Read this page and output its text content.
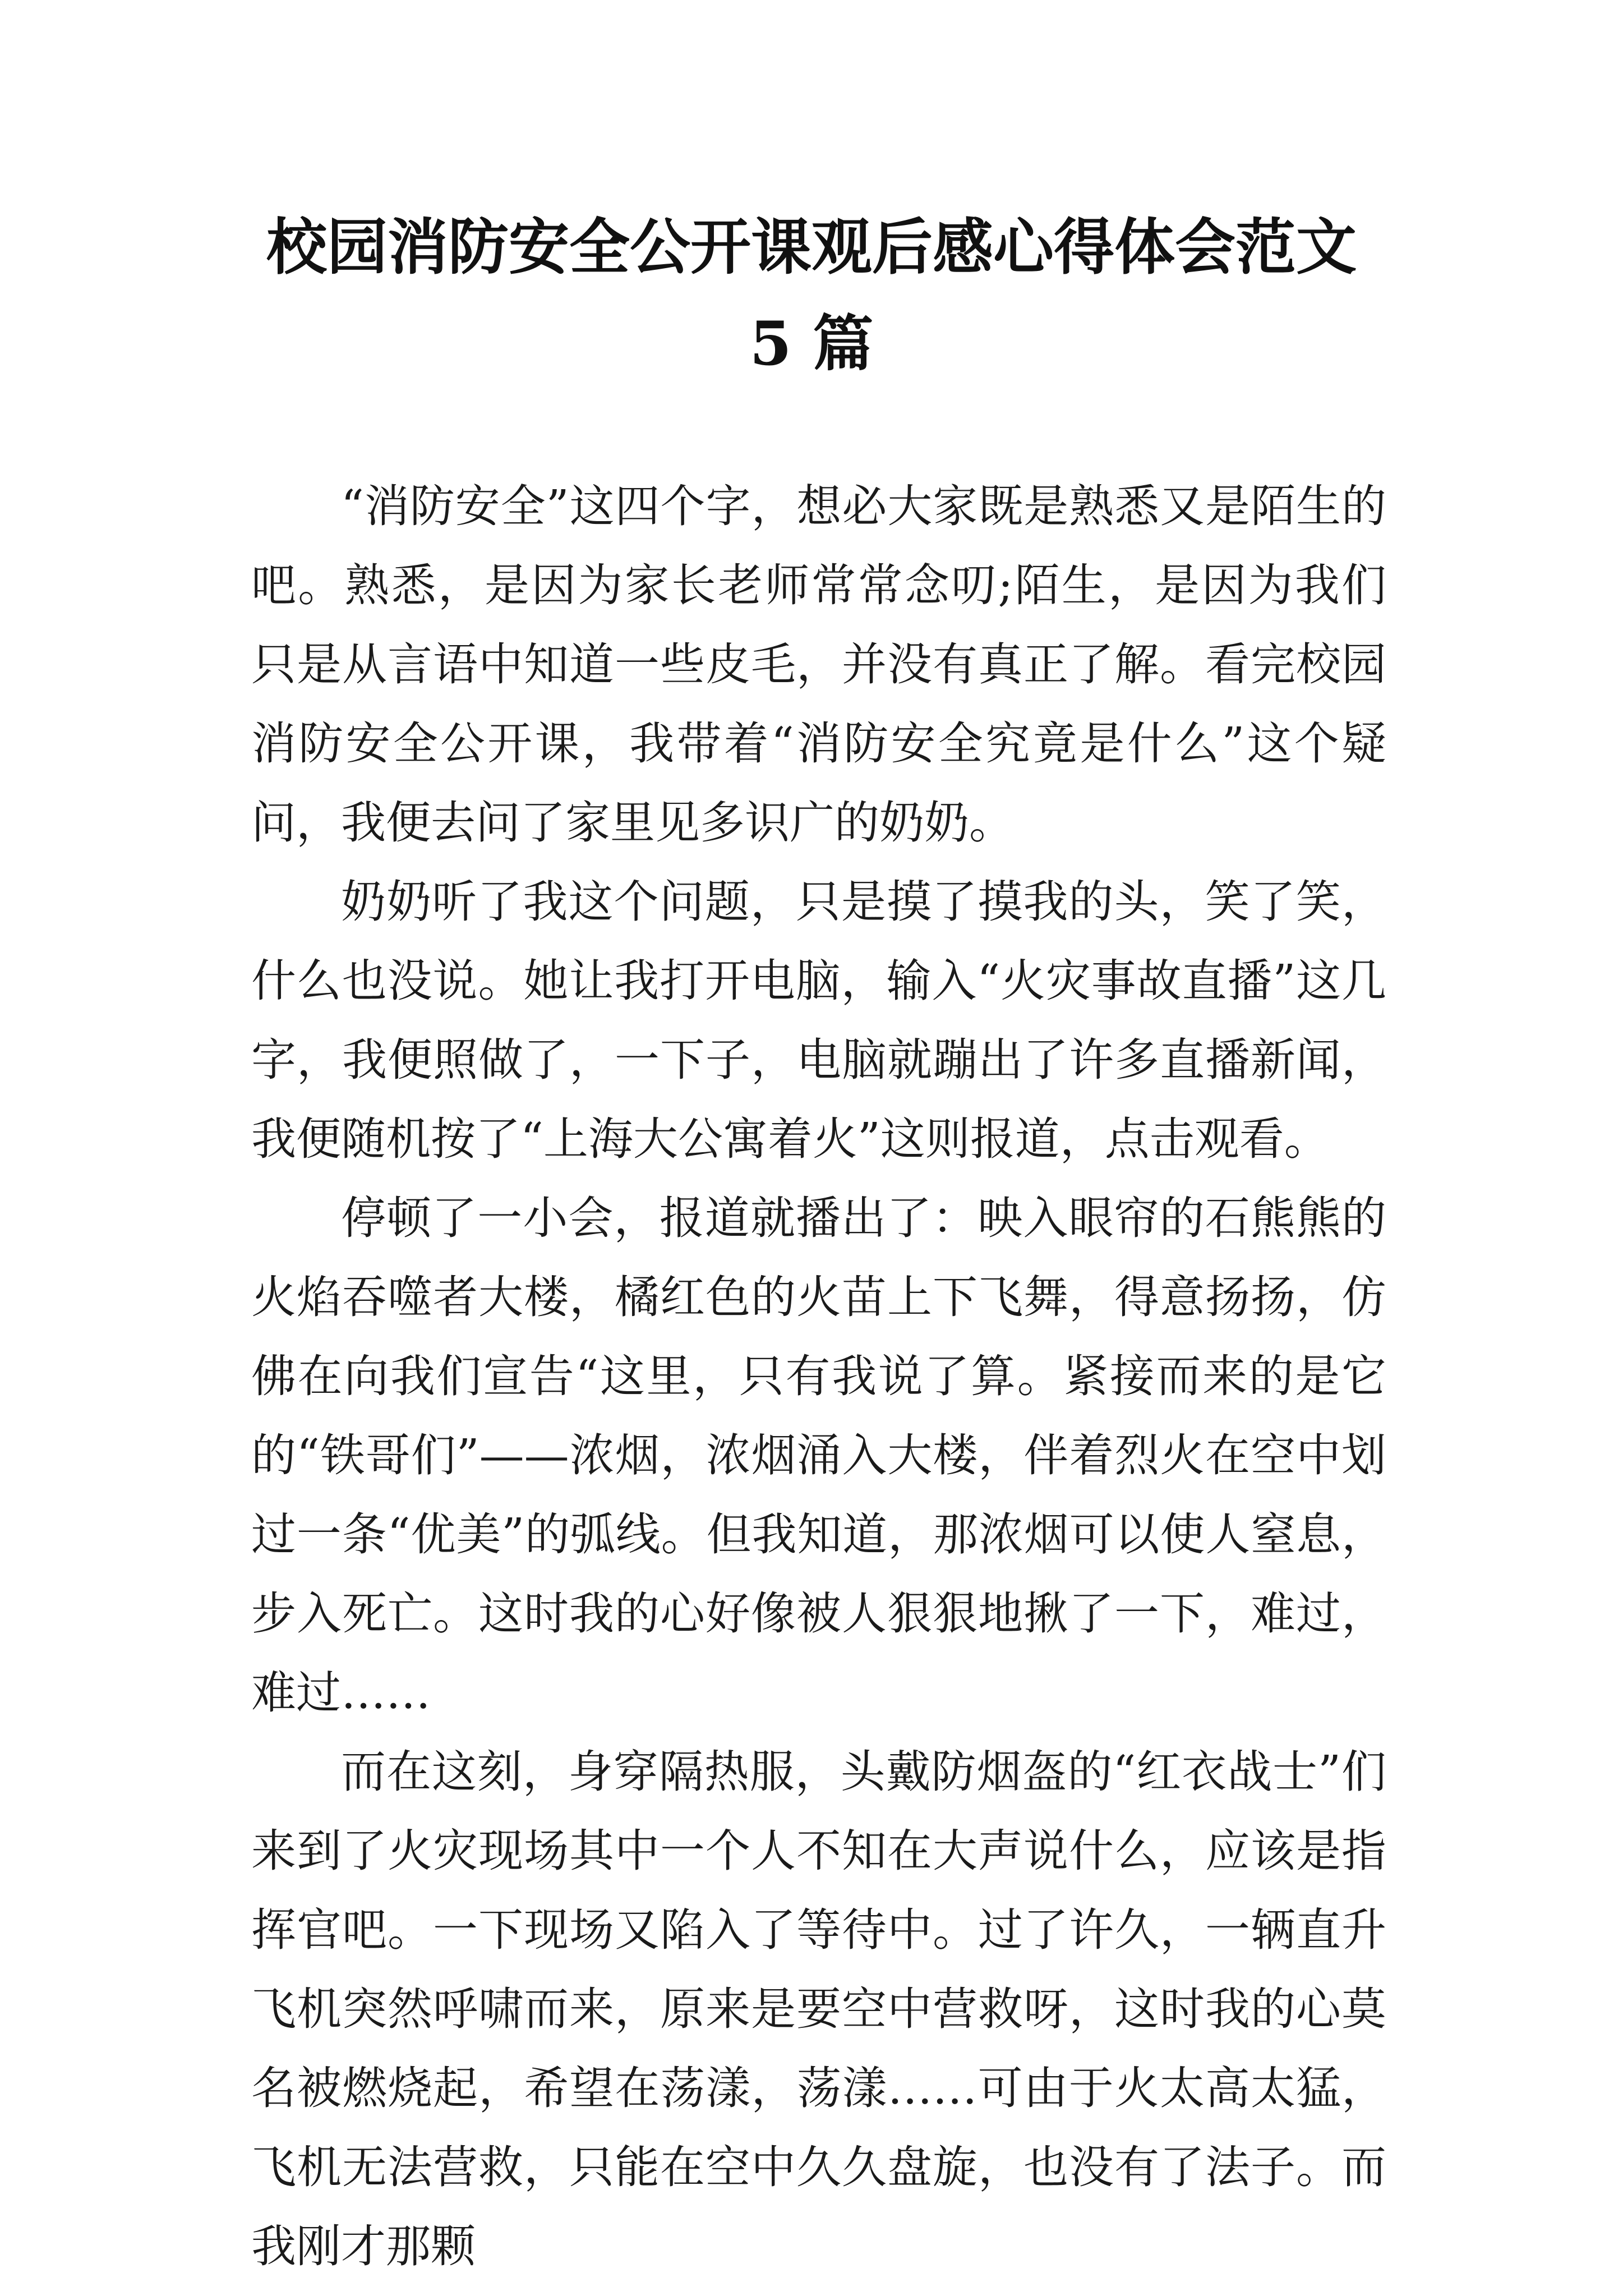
校园消防安全公开课观后感心得体会范文
5 篇

“消防安全”这四个字，想必大家既是熟悉又是陌生的吧。熟悉，是因为家长老师常常念叨;陌生，是因为我们只是从言语中知道一些皮毛，并没有真正了解。看完校园消防安全公开课，我带着“消防安全究竟是什么”这个疑问，我便去问了家里见多识广的奶奶。

奶奶听了我这个问题，只是摸了摸我的头，笑了笑，什么也没说。她让我打开电脑，输入“火灾事故直播”这几字，我便照做了，一下子，电脑就蹦出了许多直播新闻，我便随机按了“上海大公寓着火”这则报道，点击观看。

停顿了一小会，报道就播出了：映入眼帘的石熊熊的火焰吞噬者大楼，橘红色的火苗上下飞舞，得意扬扬，仿佛在向我们宣告“这里，只有我说了算。紧接而来的是它的“铁哥们”——浓烟，浓烟涌入大楼，伴着烈火在空中划过一条“优美”的弧线。但我知道，那浓烟可以使人窒息，步入死亡。这时我的心好像被人狠狠地揪了一下，难过，难过……

而在这刻，身穿隔热服，头戴防烟盔的“红衣战士”们来到了火灾现场其中一个人不知在大声说什么，应该是指挥官吧。一下现场又陷入了等待中。过了许久，一辆直升飞机突然呼啸而来，原来是要空中营救呀，这时我的心莫名被燃烧起，希望在荡漾，荡漾……可由于火太高太猛，飞机无法营救，只能在空中久久盘旋，也没有了法子。而我刚才那颗
